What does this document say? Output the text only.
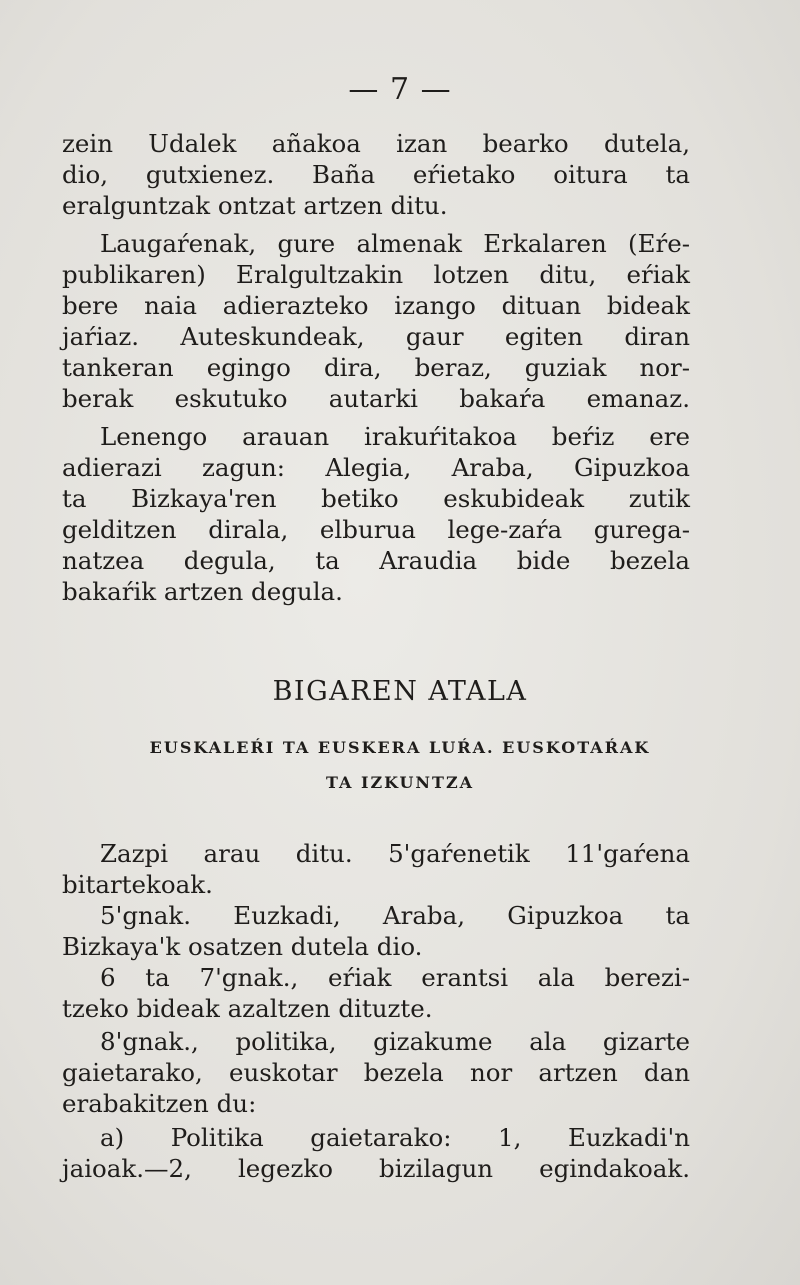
— 7 —
zein Udalek añakoa izan bearko dutela,
dio, gutxienez. Baña eŕietako oitura ta
eralguntzak ontzat artzen ditu.
Laugaŕenak, gure almenak Erkalaren (Eŕe-
publikaren) Eralgultzakin lotzen ditu, eŕiak
bere naia adierazteko izango dituan bideak
jaŕiaz. Auteskundeak, gaur egiten diran
tankeran egingo dira, beraz, guziak nor-
berak eskutuko autarki bakaŕa emanaz.
Lenengo arauan irakuŕitakoa beŕiz ere
adierazi zagun: Alegia, Araba, Gipuzkoa
ta Bizkaya'ren betiko eskubideak zutik
gelditzen dirala, elburua lege-zaŕa gurega-
natzea degula, ta Araudia bide bezela
bakaŕik artzen degula.
BIGAREN ATALA
EUSKALEŔI TA EUSKERA LUŔA. EUSKOTAŔAK
TA IZKUNTZA
Zazpi arau ditu. 5'gaŕenetik 11'gaŕena
bitartekoak.
5'gnak. Euzkadi, Araba, Gipuzkoa ta
Bizkaya'k osatzen dutela dio.
6 ta 7'gnak., eŕiak erantsi ala berezi-
tzeko bideak azaltzen dituzte.
8'gnak., politika, gizakume ala gizarte
gaietarako, euskotar bezela nor artzen dan
erabakitzen du:
a) Politika gaietarako: 1, Euzkadi'n
jaioak.—2, legezko bizilagun egindakoak.
